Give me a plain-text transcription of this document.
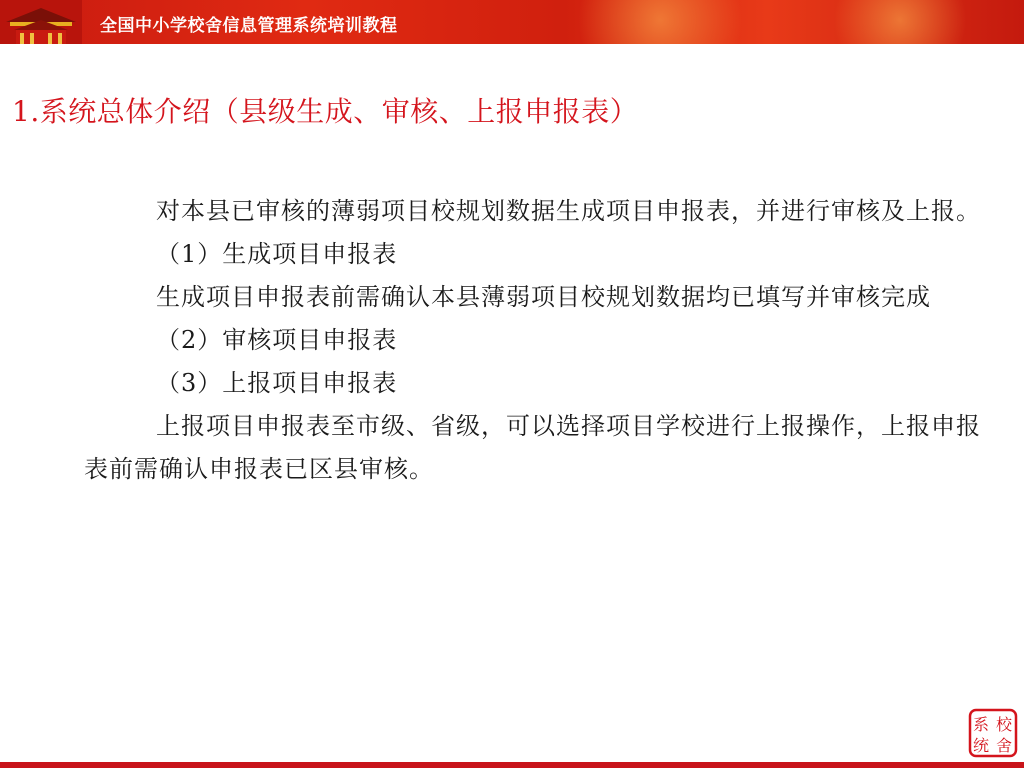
全国中小学校舍信息管理系统培训教程
1.系统总体介绍（县级生成、审核、上报申报表）

对本县已审核的薄弱项目校规划数据生成项目申报表，并进行审核及上报。

（1）生成项目申报表

生成项目申报表前需确认本县薄弱项目校规划数据均已填写并审核完成

（2）审核项目申报表

（3）上报项目申报表

上报项目申报表至市级、省级，可以选择项目学校进行上报操作，上报申报表前需确认申报表已区县审核。

系 校
统 舍
